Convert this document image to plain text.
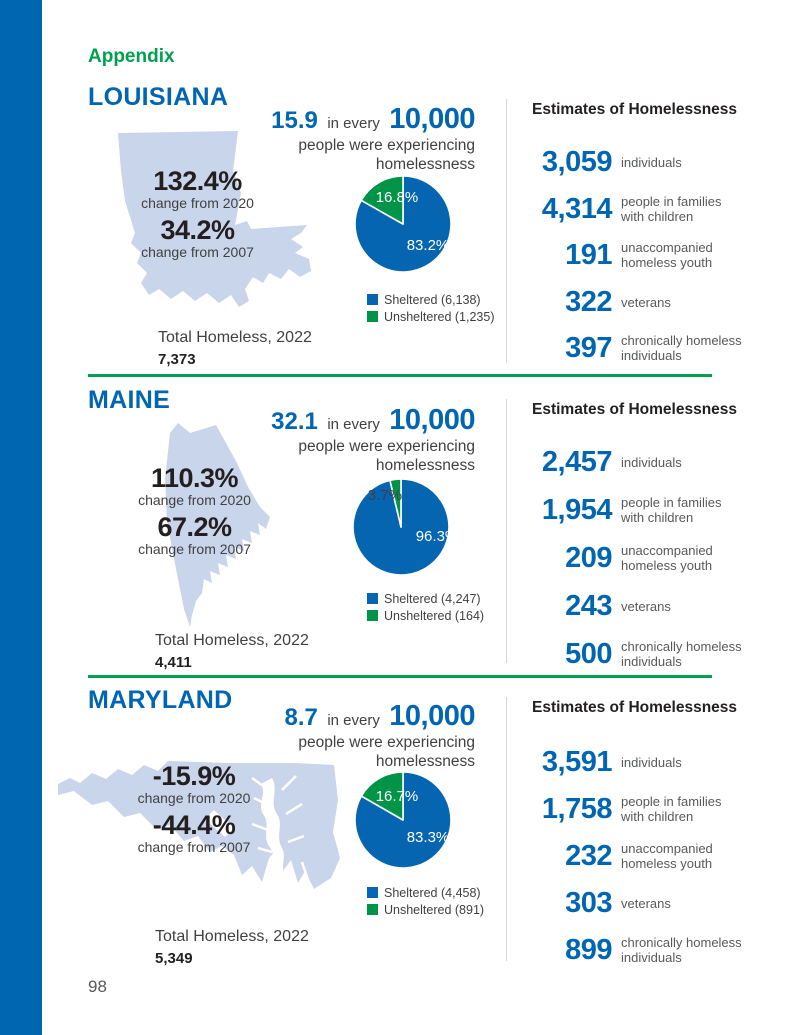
Appendix
LOUISIANA
132.4%
change from 2020
34.2%
change from 2007
15.9 in every 10,000
people were experiencing
homelessness
16.8%
83.2%
Sheltered (6,138)
Unsheltered (1,235)
Total Homeless, 2022
7,373
Estimates of Homelessness
3,059 individuals
4,314 people in families
with children
191 unaccompanied
homeless youth
322 veterans
397 chronically homeless
individuals
MAINE
110.3%
change from 2020
67.2%
change from 2007
32.1 in every 10,000
people were experiencing
homelessness
3.7%
96.3%
Sheltered (4,247)
Unsheltered (164)
Total Homeless, 2022
4,411
Estimates of Homelessness
2,457 individuals
1,954 people in families
with children
209 unaccompanied
homeless youth
243 veterans
500 chronically homeless
individuals
MARYLAND
-15.9%
change from 2020
-44.4%
change from 2007
8.7 in every 10,000
people were experiencing
homelessness
16.7%
83.3%
Sheltered (4,458)
Unsheltered (891)
Total Homeless, 2022
5,349
Estimates of Homelessness
3,591 individuals
1,758 people in families
with children
232 unaccompanied
homeless youth
303 veterans
899 chronically homeless
individuals
98
